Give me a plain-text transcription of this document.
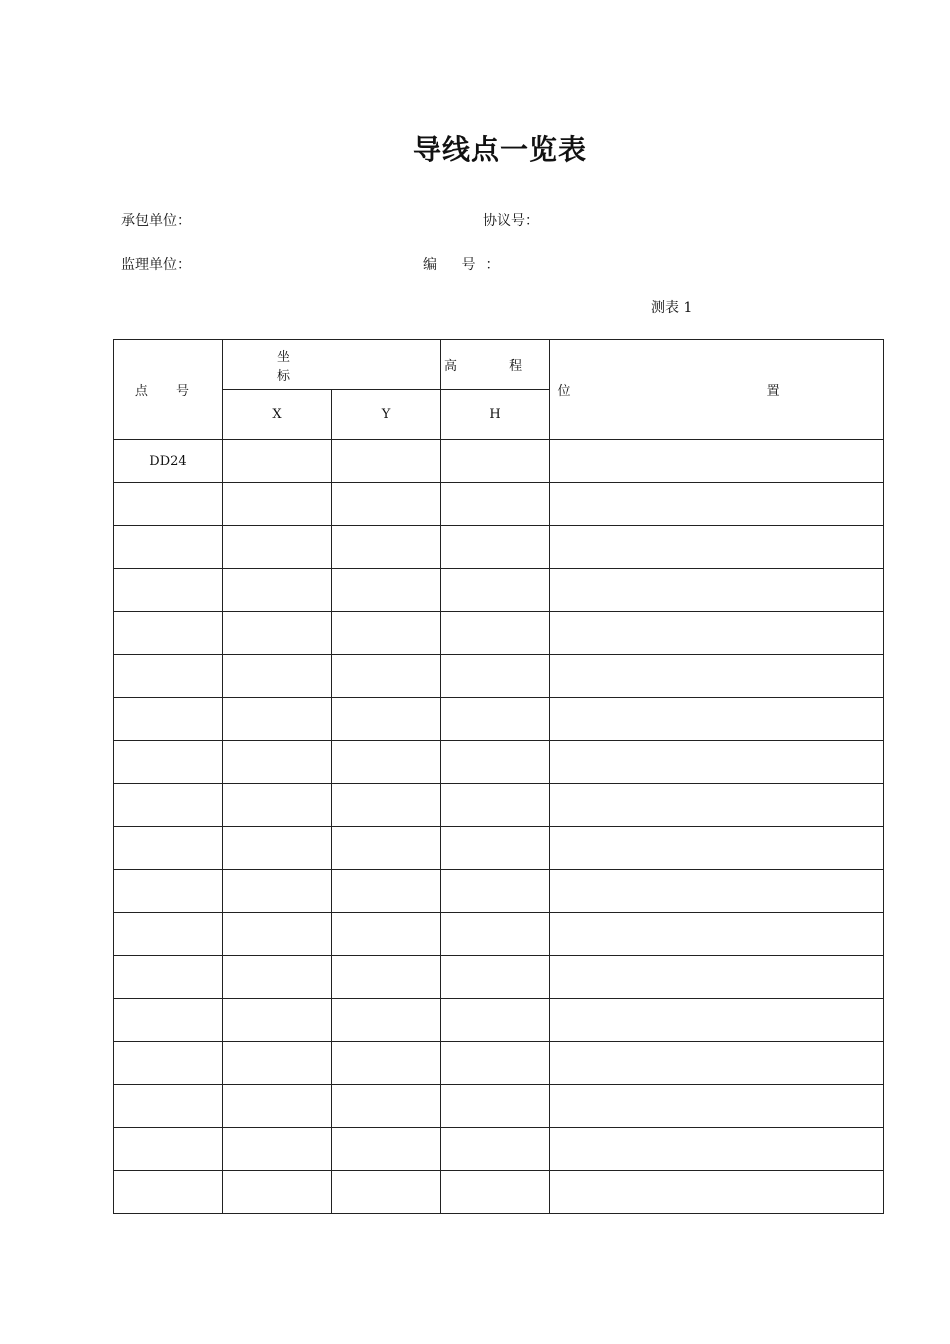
导线点一览表
承包单位：	协议号：
监理单位：	编 号：
测表 1
点 号	坐 标		高 程	位 置
	X	Y	H	
DD24				
